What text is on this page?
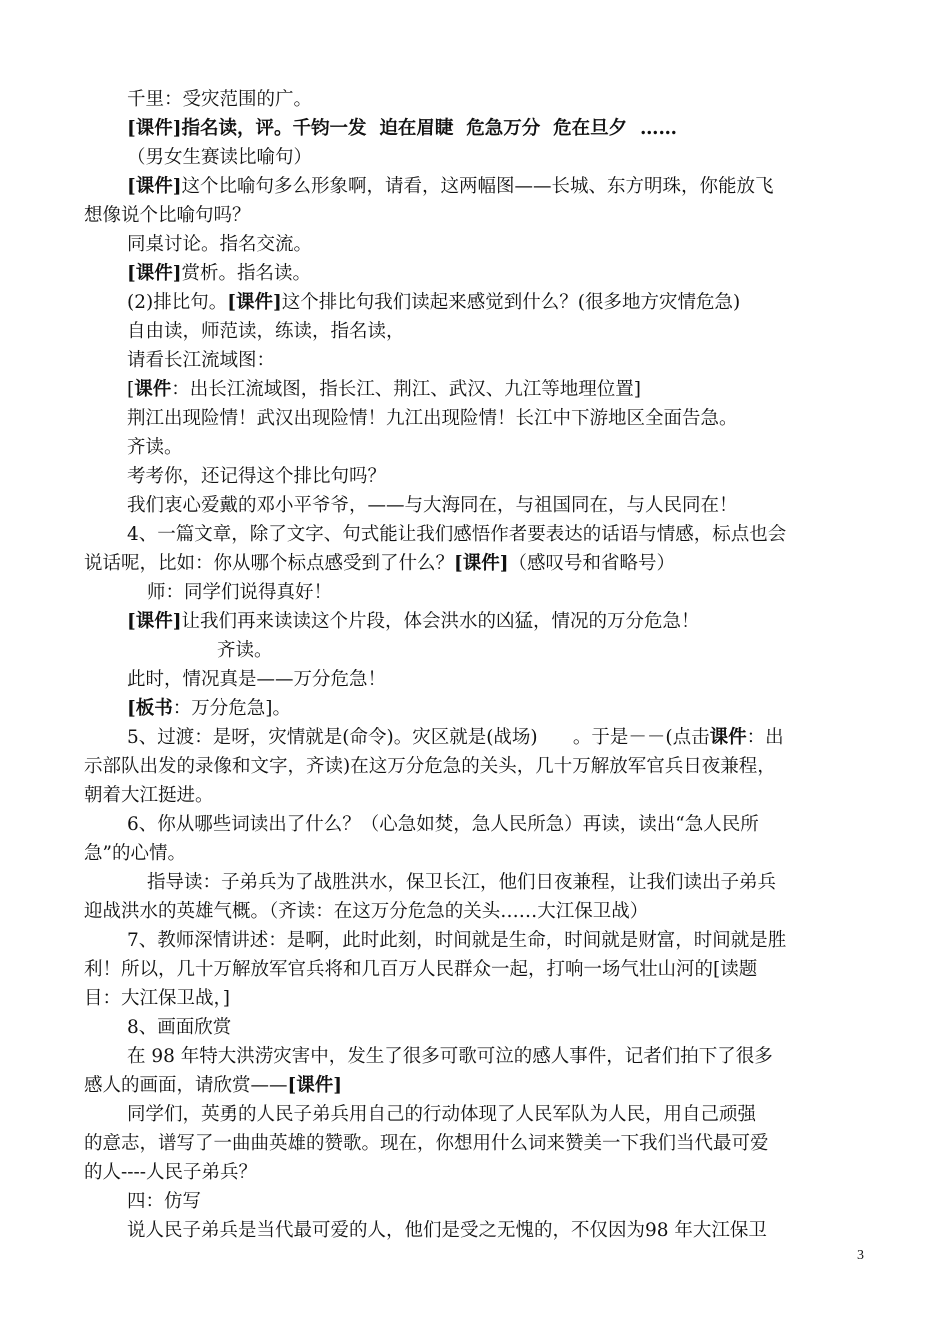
千里：受灾范围的广。
[课件]指名读，评。千钧一发  迫在眉睫  危急万分  危在旦夕  ……
（男女生赛读比喻句）
[课件]这个比喻句多么形象啊，请看，这两幅图——长城、东方明珠，你能放飞
想像说个比喻句吗？
同桌讨论。指名交流。
[课件]赏析。指名读。
(2)排比句。[课件]这个排比句我们读起来感觉到什么？(很多地方灾情危急)
自由读，师范读，练读，指名读，
请看长江流域图：
[课件：出长江流域图，指长江、荆江、武汉、九江等地理位置]
荆江出现险情！武汉出现险情！九江出现险情！长江中下游地区全面告急。
齐读。
考考你，还记得这个排比句吗？
我们衷心爱戴的邓小平爷爷，——与大海同在，与祖国同在，与人民同在！
4、一篇文章，除了文字、句式能让我们感悟作者要表达的话语与情感，标点也会
说话呢，比如：你从哪个标点感受到了什么？[课件]（感叹号和省略号）
师：同学们说得真好！
[课件]让我们再来读读这个片段，体会洪水的凶猛，情况的万分危急！
齐读。
此时，情况真是——万分危急！
[板书：万分危急]。
5、过渡：是呀，灾情就是(命令)。灾区就是(战场)      。于是－－(点击课件：出
示部队出发的录像和文字，齐读)在这万分危急的关头，几十万解放军官兵日夜兼程，
朝着大江挺进。
6、你从哪些词读出了什么？（心急如焚，急人民所急）再读，读出“急人民所
急”的心情。
指导读：子弟兵为了战胜洪水，保卫长江，他们日夜兼程，让我们读出子弟兵
迎战洪水的英雄气概。（齐读：在这万分危急的关头……大江保卫战）
7、教师深情讲述：是啊，此时此刻，时间就是生命，时间就是财富，时间就是胜
利！所以，几十万解放军官兵将和几百万人民群众一起，打响一场气壮山河的[读题
目：大江保卫战，]
8、画面欣赏
在 98 年特大洪涝灾害中，发生了很多可歌可泣的感人事件，记者们拍下了很多
感人的画面，请欣赏——[课件]
同学们，英勇的人民子弟兵用自己的行动体现了人民军队为人民，用自己顽强
的意志，谱写了一曲曲英雄的赞歌。现在，你想用什么词来赞美一下我们当代最可爱
的人----人民子弟兵？
四：仿写
说人民子弟兵是当代最可爱的人，他们是受之无愧的，不仅因为98 年大江保卫
3
